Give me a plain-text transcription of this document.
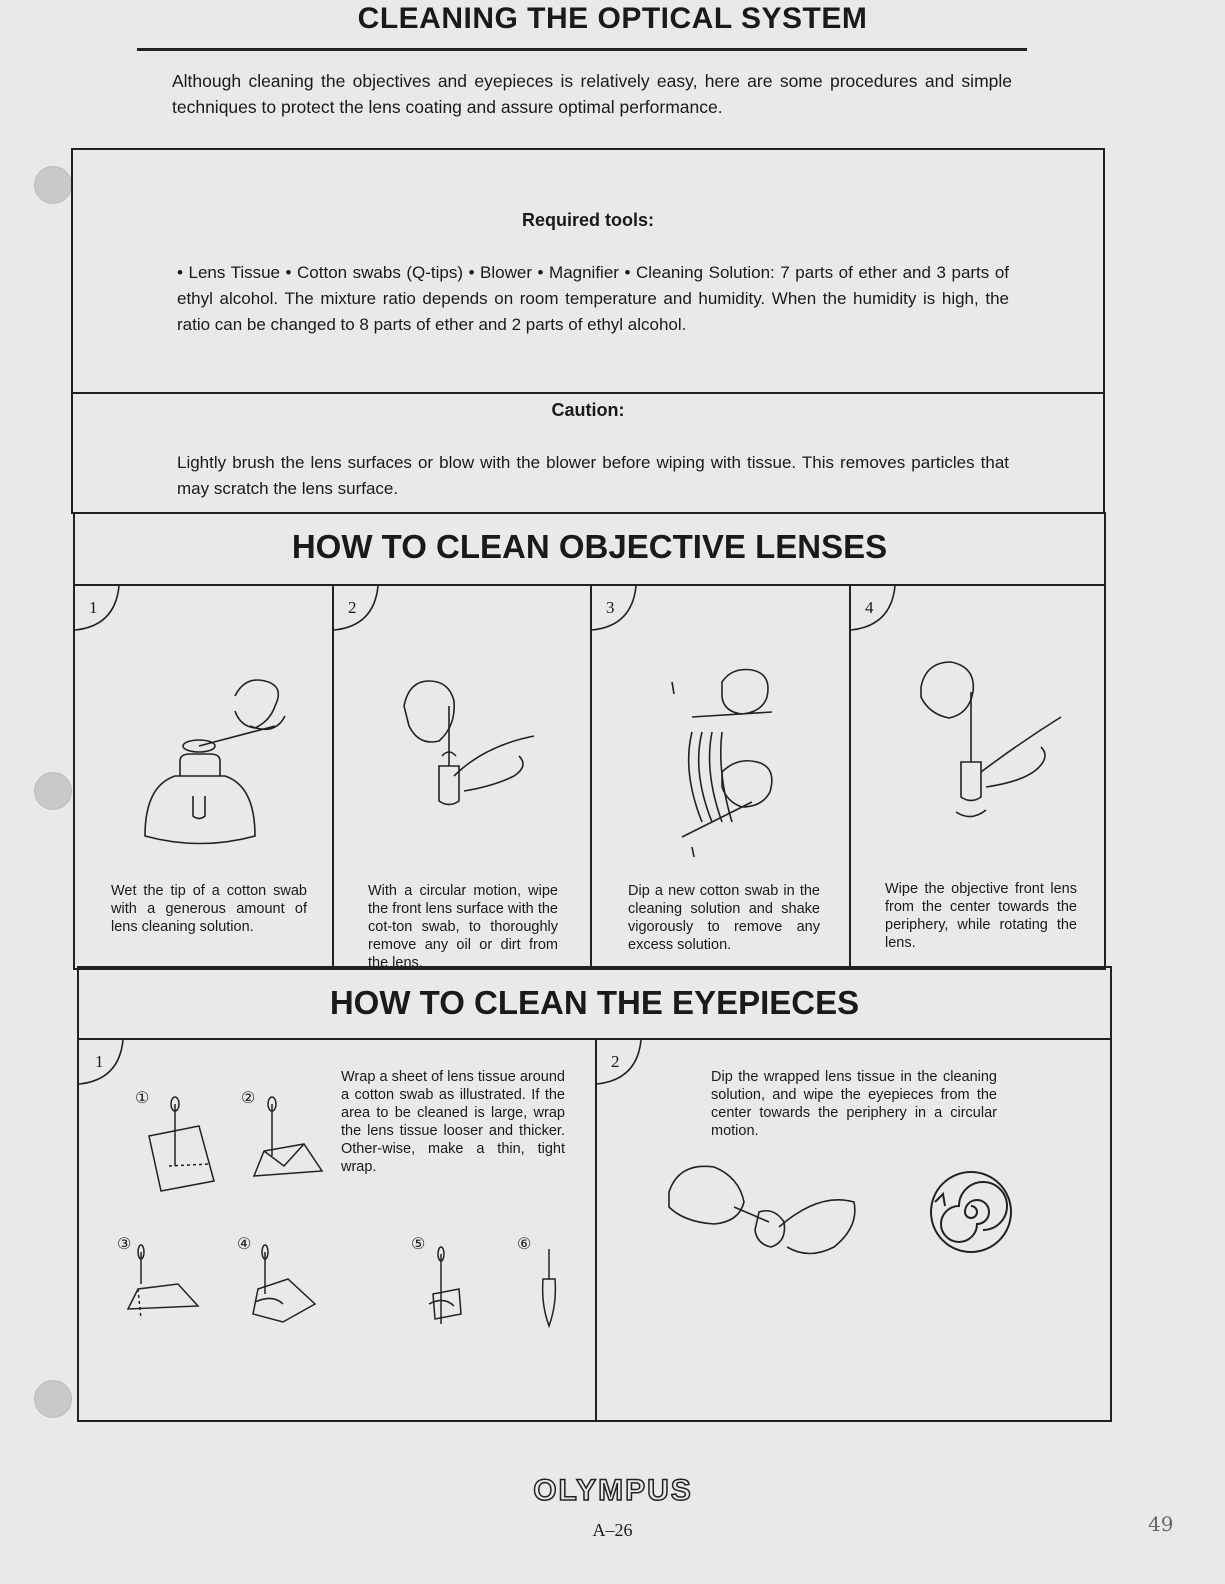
CLEANING THE OPTICAL SYSTEM
Although cleaning the objectives and eyepieces is relatively easy, here are some procedures and simple techniques to protect the lens coating and assure optimal performance.
Required tools:
• Lens Tissue • Cotton swabs (Q-tips) • Blower • Magnifier • Cleaning Solution: 7 parts of ether and 3 parts of ethyl alcohol. The mixture ratio depends on room temperature and humidity. When the humidity is high, the ratio can be changed to 8 parts of ether and 2 parts of ethyl alcohol.
Caution:
Lightly brush the lens surfaces or blow with the blower before wiping with tissue. This removes particles that may scratch the lens surface.
HOW TO CLEAN OBJECTIVE LENSES
1
Wet the tip of a cotton swab with a generous amount of lens cleaning solution.
2
With a circular motion, wipe the front lens surface with the cot-ton swab, to thoroughly remove any oil or dirt from the lens.
3
Dip a new cotton swab in the cleaning solution and shake vigorously to remove any excess solution.
4
Wipe the objective front lens from the center towards the periphery, while rotating the lens.
HOW TO CLEAN THE EYEPIECES
1
Wrap a sheet of lens tissue around a cotton swab as illustrated. If the area to be cleaned is large, wrap the lens tissue looser and thicker. Other-wise, make a thin, tight wrap.
①	②
③	④	⑤	⑥
2
Dip the wrapped lens tissue in the cleaning solution, and wipe the eyepieces from the center towards the periphery in a circular motion.
OLYMPUS
A–26	49
